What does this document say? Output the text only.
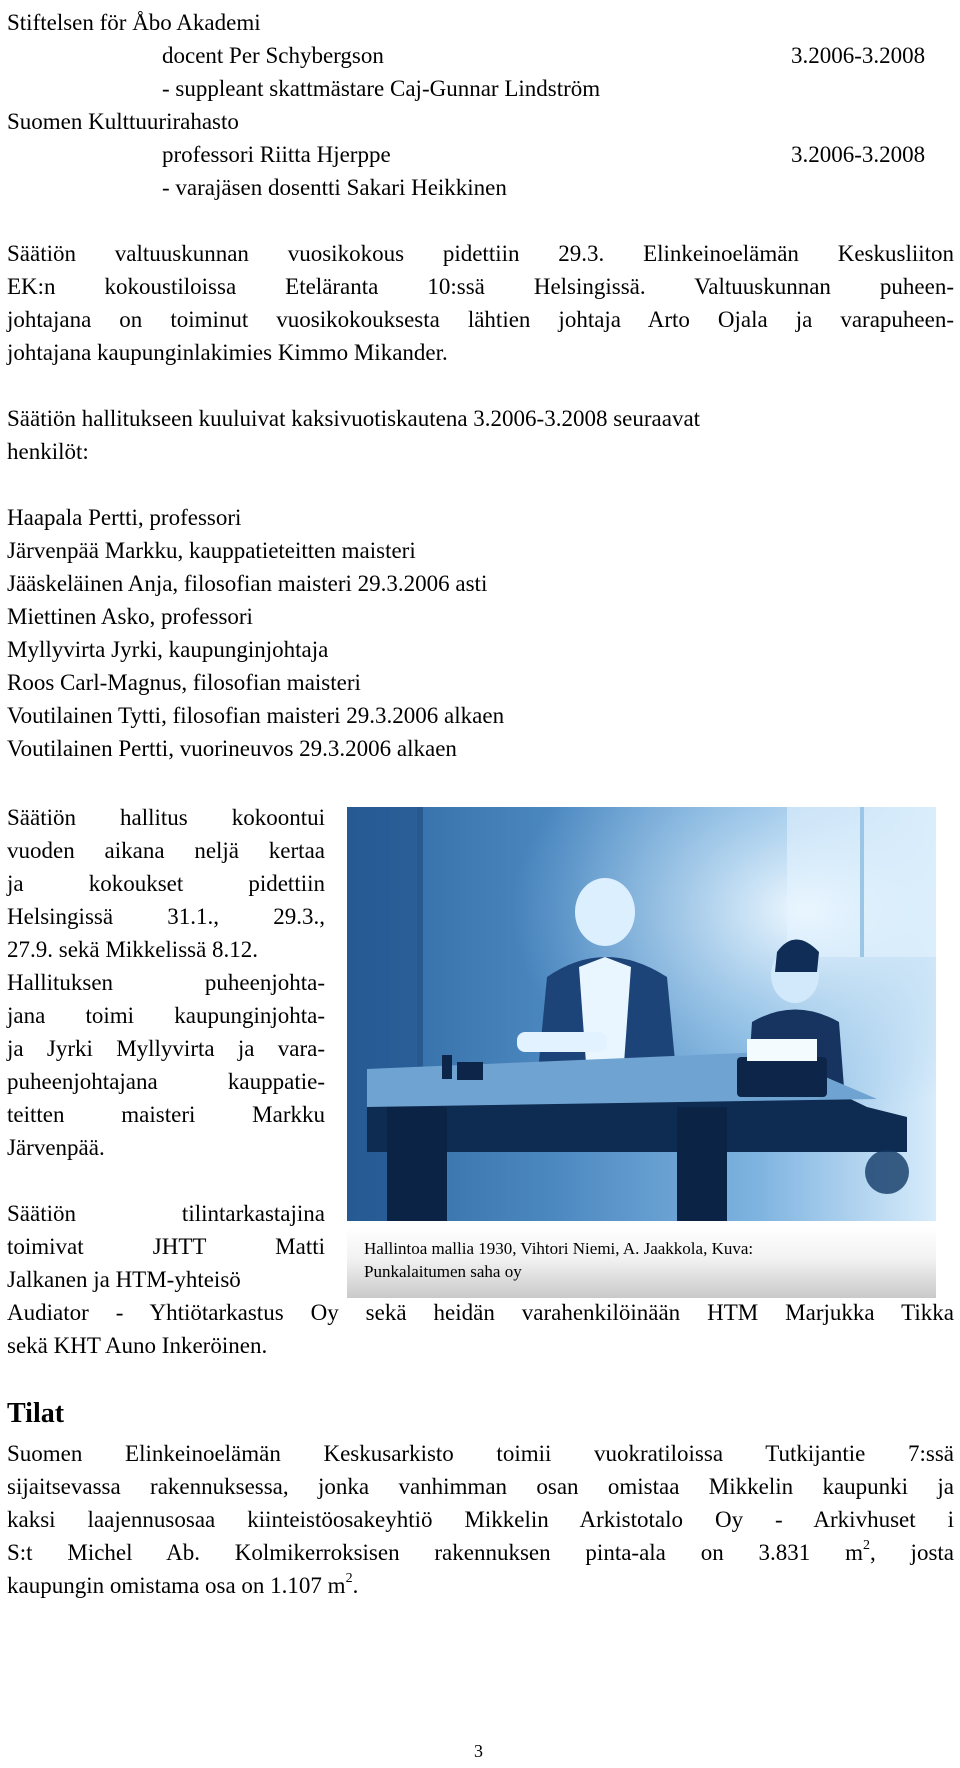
Stiftelsen för Åbo Akademi
docent Per Schybergson	3.2006-3.2008
- suppleant skattmästare Caj-Gunnar Lindström
Suomen Kulttuurirahasto
professori Riitta Hjerppe	3.2006-3.2008
- varajäsen dosentti Sakari Heikkinen
Säätiön valtuuskunnan vuosikokous pidettiin 29.3. Elinkeinoelämän Keskusliiton
EK:n kokoustiloissa Eteläranta 10:ssä Helsingissä. Valtuuskunnan puheen-
johtajana on toiminut vuosikokouksesta lähtien johtaja Arto Ojala ja varapuheen-
johtajana kaupunginlakimies Kimmo Mikander.
Säätiön hallitukseen kuuluivat kaksivuotiskautena 3.2006-3.2008 seuraavat
henkilöt:
Haapala Pertti, professori
Järvenpää Markku, kauppatieteitten maisteri
Jääskeläinen Anja, filosofian maisteri 29.3.2006 asti
Miettinen Asko, professori
Myllyvirta Jyrki, kaupunginjohtaja
Roos Carl-Magnus, filosofian maisteri
Voutilainen Tytti, filosofian maisteri 29.3.2006 alkaen
Voutilainen Pertti, vuorineuvos 29.3.2006 alkaen
Säätiön hallitus kokoontui
vuoden aikana neljä kertaa
ja kokoukset pidettiin
Helsingissä 31.1., 29.3.,
27.9. sekä Mikkelissä 8.12.
Hallituksen puheenjohta-
jana toimi kaupunginjohta-
ja Jyrki Myllyvirta ja vara-
puheenjohtajana kauppatie-
teitten maisteri Markku
Järvenpää.
Säätiön tilintarkastajina
toimivat JHTT Matti
Jalkanen ja HTM-yhteisö
Audiator - Yhtiötarkastus Oy sekä heidän varahenkilöinään HTM Marjukka Tikka
sekä KHT Auno Inkeröinen.
Hallintoa mallia 1930, Vihtori Niemi, A. Jaakkola, Kuva:
Punkalaitumen saha oy
Tilat
Suomen Elinkeinoelämän Keskusarkisto toimii vuokratiloissa Tutkijantie 7:ssä
sijaitsevassa rakennuksessa, jonka vanhimman osan omistaa Mikkelin kaupunki ja
kaksi laajennusosaa kiinteistöosakeyhtiö Mikkelin Arkistotalo Oy - Arkivhuset i
S:t Michel Ab. Kolmikerroksisen rakennuksen pinta-ala on 3.831 $m^2$, josta
kaupungin omistama osa on 1.107 $m^2$.
3
